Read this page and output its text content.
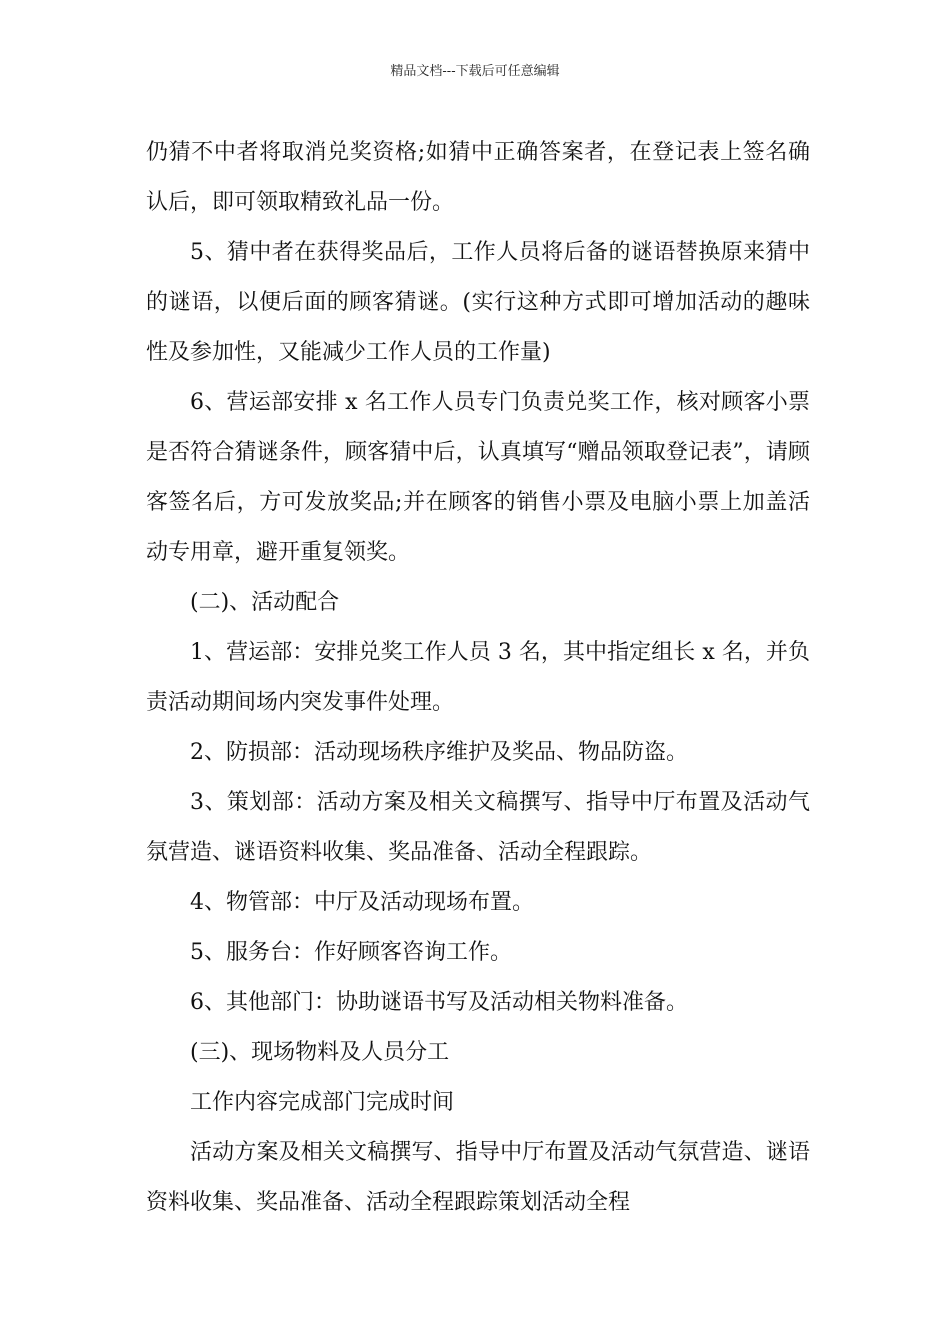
精品文档---下载后可任意编辑

仍猜不中者将取消兑奖资格;如猜中正确答案者，在登记表上签名确认后，即可领取精致礼品一份。

5、猜中者在获得奖品后，工作人员将后备的谜语替换原来猜中的谜语，以便后面的顾客猜谜。(实行这种方式即可增加活动的趣味性及参加性，又能减少工作人员的工作量)

6、营运部安排 x 名工作人员专门负责兑奖工作，核对顾客小票是否符合猜谜条件，顾客猜中后，认真填写“赠品领取登记表”，请顾客签名后，方可发放奖品;并在顾客的销售小票及电脑小票上加盖活动专用章，避开重复领奖。

(二)、活动配合

1、营运部：安排兑奖工作人员 3 名，其中指定组长 x 名，并负责活动期间场内突发事件处理。

2、防损部：活动现场秩序维护及奖品、物品防盗。

3、策划部：活动方案及相关文稿撰写、指导中厅布置及活动气氛营造、谜语资料收集、奖品准备、活动全程跟踪。

4、物管部：中厅及活动现场布置。

5、服务台：作好顾客咨询工作。

6、其他部门：协助谜语书写及活动相关物料准备。

(三)、现场物料及人员分工

工作内容完成部门完成时间

活动方案及相关文稿撰写、指导中厅布置及活动气氛营造、谜语资料收集、奖品准备、活动全程跟踪策划活动全程
